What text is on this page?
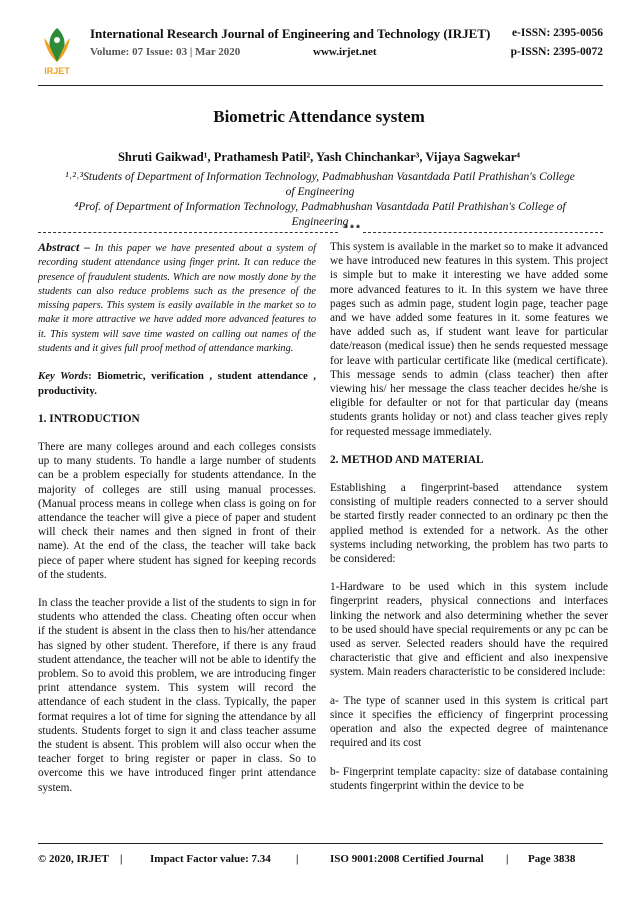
IRJET
International Research Journal of Engineering and Technology (IRJET) e-ISSN: 2395-0056
Volume: 07 Issue: 03 | Mar 2020	www.irjet.net	p-ISSN: 2395-0072
Biometric Attendance system
Shruti Gaikwad¹, Prathamesh Patil², Yash Chinchankar³, Vijaya Sagwekar⁴
¹˒²˒³Students of Department of Information Technology, Padmabhushan Vasantdada Patil Prathishan's College of Engineering
⁴Prof. of Department of Information Technology, Padmabhushan Vasantdada Patil Prathishan's College of Engineering
***

Abstract – In this paper we have presented about a system of recording student attendance using finger print. It can reduce the presence of fraudulent students. Which are now mostly done by the students can also reduce problems such as the presence of the missing papers. This system is easily available in the market so to make it more attractive we have added more advanced features to it. This system will save time wasted on calling out names of the students and it gives full proof method of attendance marking.

Key Words: Biometric, verification , student attendance , productivity.

1. INTRODUCTION

There are many colleges around and each colleges consists up to many students. To handle a large number of students can be a problem especially for students attendance. In the majority of colleges are still using manual processes. (Manual process means in college when class is going on for attendance the teacher will give a piece of paper and student will check their names and then signed in front of their name). At the end of the class, the teacher will take back piece of paper where student has signed for keeping records of the students.

In class the teacher provide a list of the students to sign in for students who attended the class. Cheating often occur when if the student is absent in the class then to his/her attendance has signed by other student. Therefore, if there is any fraud student attendance, the teacher will not be able to identify the problem. So to avoid this problem, we are introducing finger print attendance system. This system will record the attendance of each student in the class. Typically, the paper format requires a lot of time for signing the attendance by all students. Students forget to sign it and class teacher assume the student is absent. This problem will also occur when the teacher forget to bring register or paper in class. So to overcome this we have introduced finger print attendance system.

This system is available in the market so to make it advanced we have introduced new features in this system. This project is simple but to make it interesting we have added some more advanced features to it. In this system we have three pages such as admin page, student login page, teacher page and we have added some features in it. some features we have added such as, if student want leave for particular date/reason (medical issue) then he sends requested message for leave with particular certificate like (medical certificate). This message sends to admin (class teacher) then after viewing his/ her message the class teacher decides he/she is eligible for defaulter or not for that particular day (means students grants holiday or not) and class teacher gives reply for requested message immediately.

2. METHOD AND MATERIAL

Establishing a fingerprint-based attendance system consisting of multiple readers connected to a server should be started firstly reader connected to an ordinary pc then the applied method is extended for a network. As the other systems including networking, the problem has two parts to be considered:

1-Hardware to be used which in this system include fingerprint readers, physical connections and interfaces linking the network and also determining whether the sever to be used should have special requirements or any pc can be used as server. Selected readers should have the required characteristic that give and efficient and also inexpensive system. Main readers characteristic to be considered include:

a- The type of scanner used in this system is critical part since it specifies the efficiency of fingerprint processing operation and also the expected degree of maintenance required and its cost

b- Fingerprint template capacity: size of database containing students fingerprint within the device to be

© 2020, IRJET |	Impact Factor value: 7.34 |	ISO 9001:2008 Certified Journal | Page 3838
